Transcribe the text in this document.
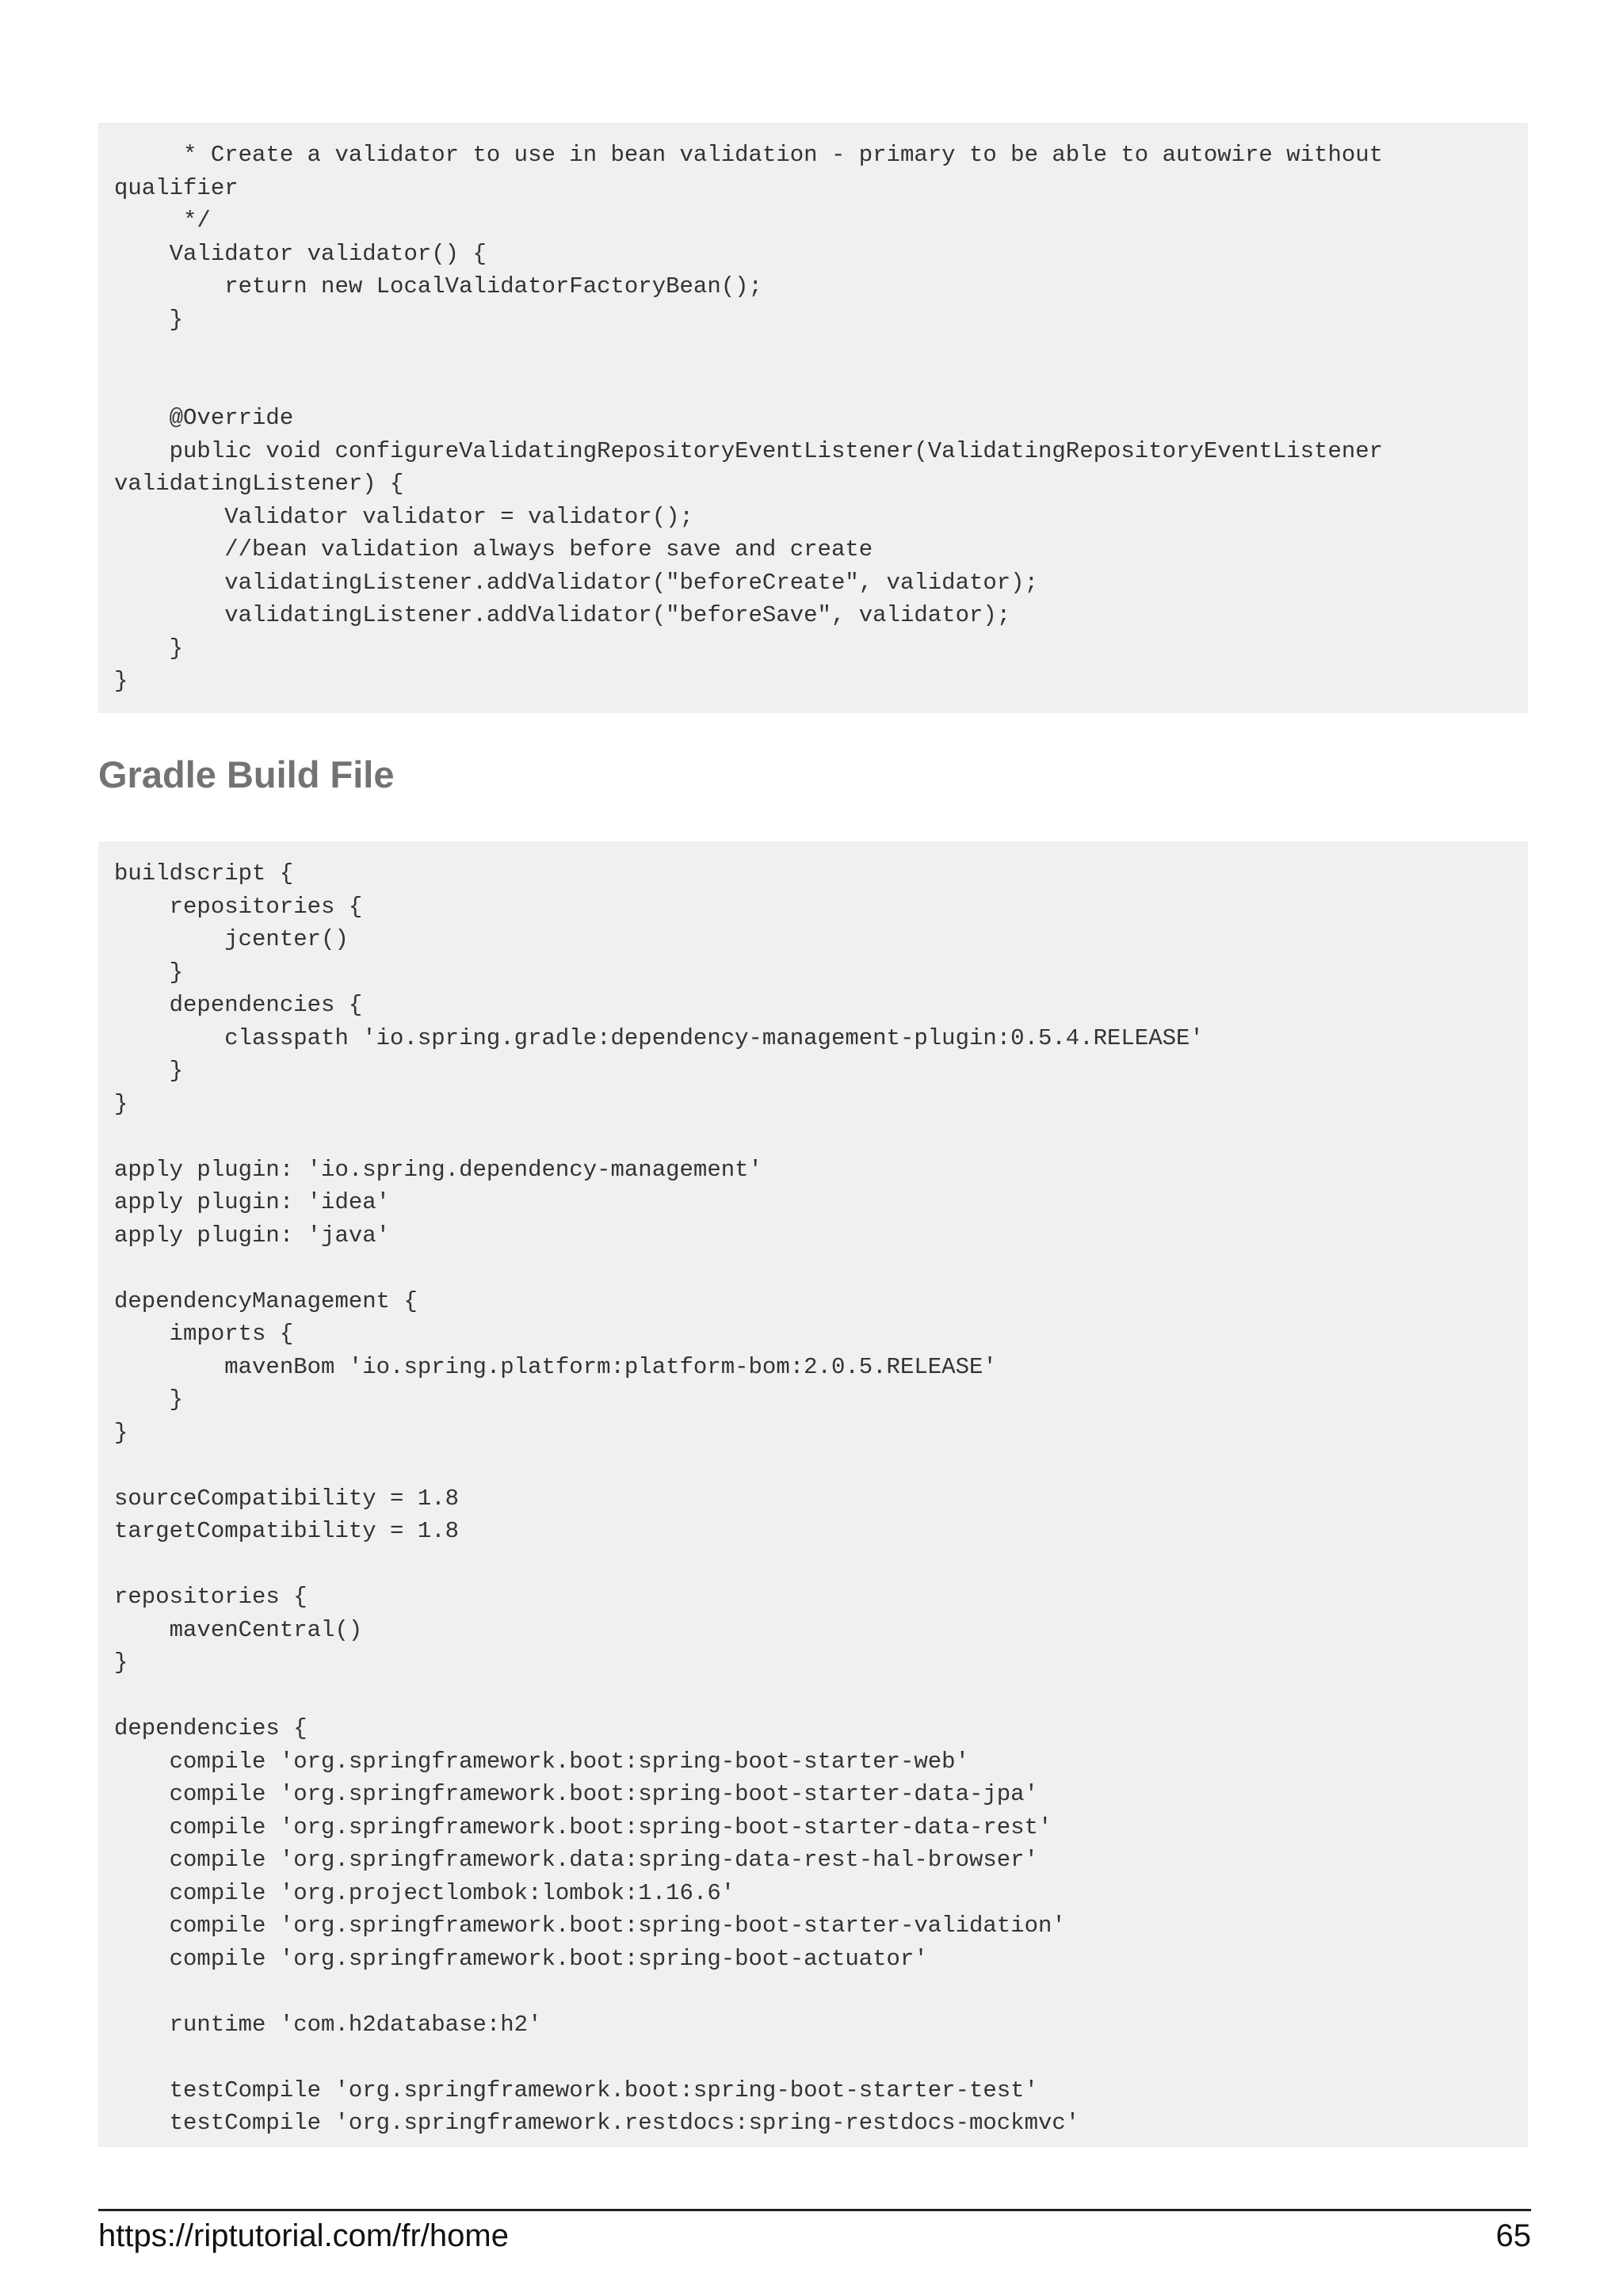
* Create a validator to use in bean validation - primary to be able to autowire without
qualifier
*/
Validator validator() {
return new LocalValidatorFactoryBean();
}
@Override
public void configureValidatingRepositoryEventListener(ValidatingRepositoryEventListener
validatingListener) {
Validator validator = validator();
//bean validation always before save and create
validatingListener.addValidator("beforeCreate", validator);
validatingListener.addValidator("beforeSave", validator);
}
}
Gradle Build File
buildscript {
repositories {
jcenter()
}
dependencies {
classpath 'io.spring.gradle:dependency-management-plugin:0.5.4.RELEASE'
}
}
apply plugin: 'io.spring.dependency-management'
apply plugin: 'idea'
apply plugin: 'java'
dependencyManagement {
imports {
mavenBom 'io.spring.platform:platform-bom:2.0.5.RELEASE'
}
}
sourceCompatibility = 1.8
targetCompatibility = 1.8
repositories {
mavenCentral()
}
dependencies {
compile 'org.springframework.boot:spring-boot-starter-web'
compile 'org.springframework.boot:spring-boot-starter-data-jpa'
compile 'org.springframework.boot:spring-boot-starter-data-rest'
compile 'org.springframework.data:spring-data-rest-hal-browser'
compile 'org.projectlombok:lombok:1.16.6'
compile 'org.springframework.boot:spring-boot-starter-validation'
compile 'org.springframework.boot:spring-boot-actuator'
runtime 'com.h2database:h2'
testCompile 'org.springframework.boot:spring-boot-starter-test'
testCompile 'org.springframework.restdocs:spring-restdocs-mockmvc'
https://riptutorial.com/fr/home	65
